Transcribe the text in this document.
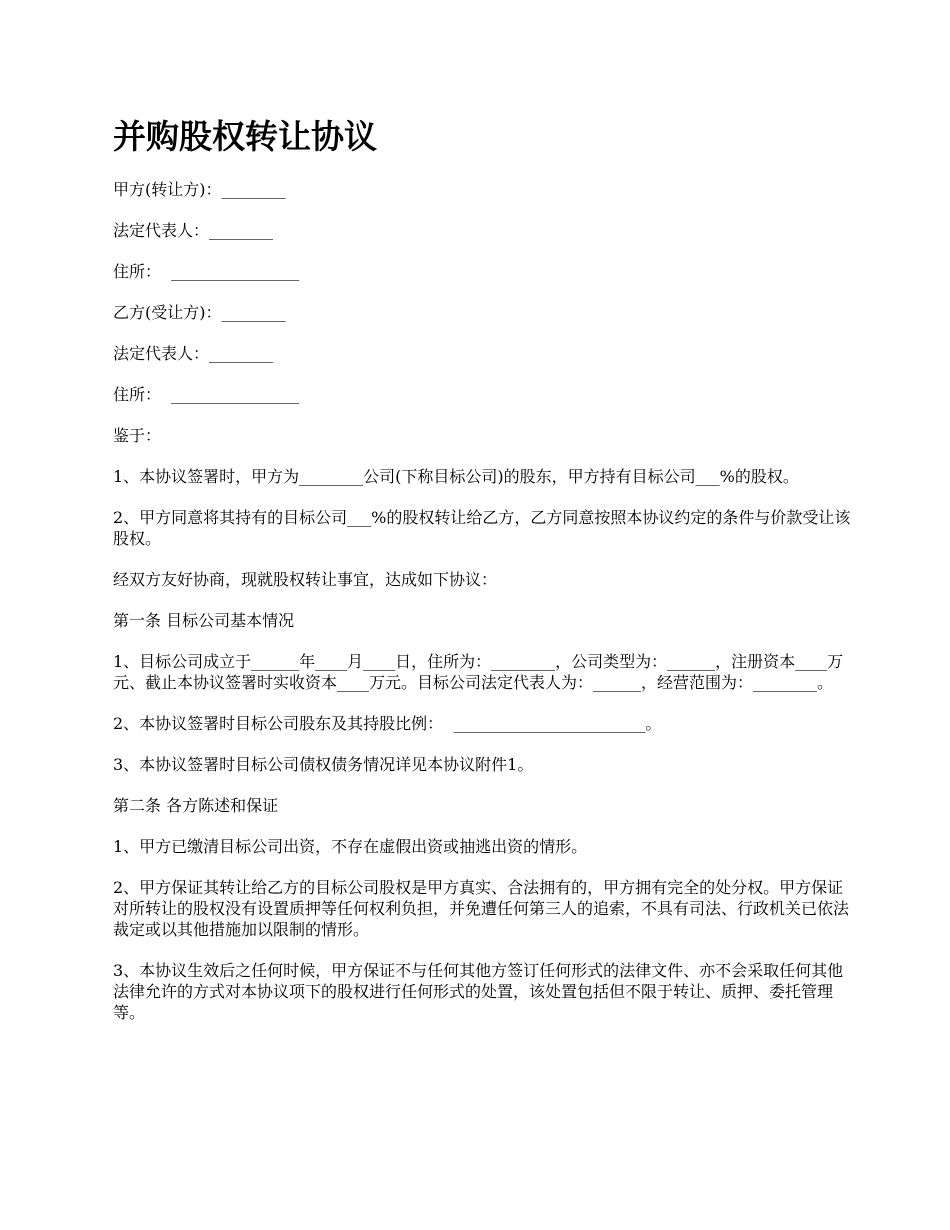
并购股权转让协议

甲方(转让方)：________

法定代表人：________

住所：  ________________

乙方(受让方)：________

法定代表人：________

住所：  ________________

鉴于：

1、本协议签署时，甲方为________公司(下称目标公司)的股东，甲方持有目标公司___%的股权。

2、甲方同意将其持有的目标公司___%的股权转让给乙方，乙方同意按照本协议约定的条件与价款受让该股权。

经双方友好协商，现就股权转让事宜，达成如下协议：

第一条 目标公司基本情况

1、目标公司成立于______年____月____日，住所为：________，公司类型为：______，注册资本____万元、截止本协议签署时实收资本____万元。目标公司法定代表人为：______，经营范围为：________。

2、本协议签署时目标公司股东及其持股比例：  ________________________。

3、本协议签署时目标公司债权债务情况详见本协议附件1。

第二条 各方陈述和保证

1、甲方已缴清目标公司出资，不存在虚假出资或抽逃出资的情形。

2、甲方保证其转让给乙方的目标公司股权是甲方真实、合法拥有的，甲方拥有完全的处分权。甲方保证对所转让的股权没有设置质押等任何权利负担，并免遭任何第三人的追索，不具有司法、行政机关已依法裁定或以其他措施加以限制的情形。

3、本协议生效后之任何时候，甲方保证不与任何其他方签订任何形式的法律文件、亦不会采取任何其他法律允许的方式对本协议项下的股权进行任何形式的处置，该处置包括但不限于转让、质押、委托管理等。
